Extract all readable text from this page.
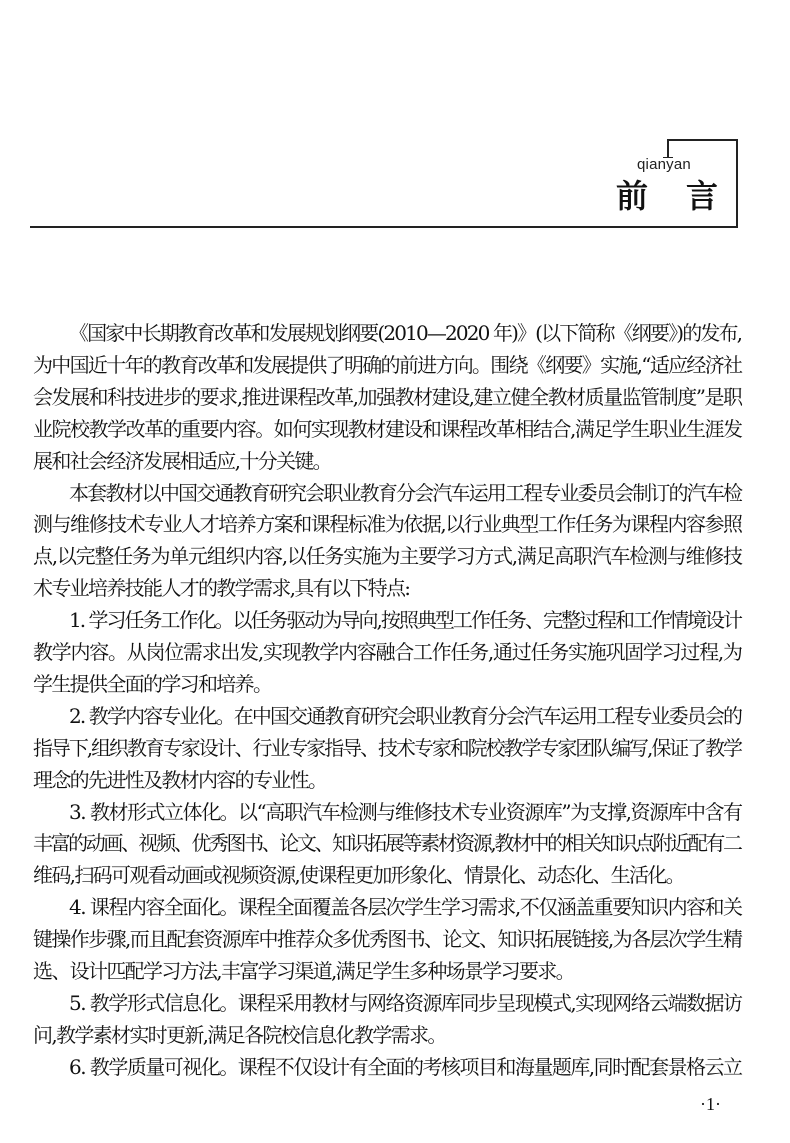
qianyan
前 言
《国家中长期教育改革和发展规划纲要(2010—2020 年)》(以下简称《纲要》)的发布,
为中国近十年的教育改革和发展提供了明确的前进方向。围绕《纲要》实施,“适应经济社
会发展和科技进步的要求,推进课程改革,加强教材建设,建立健全教材质量监管制度”是职
业院校教学改革的重要内容。如何实现教材建设和课程改革相结合,满足学生职业生涯发
展和社会经济发展相适应,十分关键。
本套教材以中国交通教育研究会职业教育分会汽车运用工程专业委员会制订的汽车检
测与维修技术专业人才培养方案和课程标准为依据,以行业典型工作任务为课程内容参照
点,以完整任务为单元组织内容,以任务实施为主要学习方式,满足高职汽车检测与维修技
术专业培养技能人才的教学需求,具有以下特点:
1. 学习任务工作化。以任务驱动为导向,按照典型工作任务、完整过程和工作情境设计
教学内容。从岗位需求出发,实现教学内容融合工作任务,通过任务实施巩固学习过程,为
学生提供全面的学习和培养。
2. 教学内容专业化。在中国交通教育研究会职业教育分会汽车运用工程专业委员会的
指导下,组织教育专家设计、行业专家指导、技术专家和院校教学专家团队编写,保证了教学
理念的先进性及教材内容的专业性。
3. 教材形式立体化。以“高职汽车检测与维修技术专业资源库”为支撑,资源库中含有
丰富的动画、视频、优秀图书、论文、知识拓展等素材资源,教材中的相关知识点附近配有二
维码,扫码可观看动画或视频资源,使课程更加形象化、情景化、动态化、生活化。
4. 课程内容全面化。课程全面覆盖各层次学生学习需求,不仅涵盖重要知识内容和关
键操作步骤,而且配套资源库中推荐众多优秀图书、论文、知识拓展链接,为各层次学生精
选、设计匹配学习方法,丰富学习渠道,满足学生多种场景学习要求。
5. 教学形式信息化。课程采用教材与网络资源库同步呈现模式,实现网络云端数据访
问,教学素材实时更新,满足各院校信息化教学需求。
6. 教学质量可视化。课程不仅设计有全面的考核项目和海量题库,同时配套景格云立
·1·
